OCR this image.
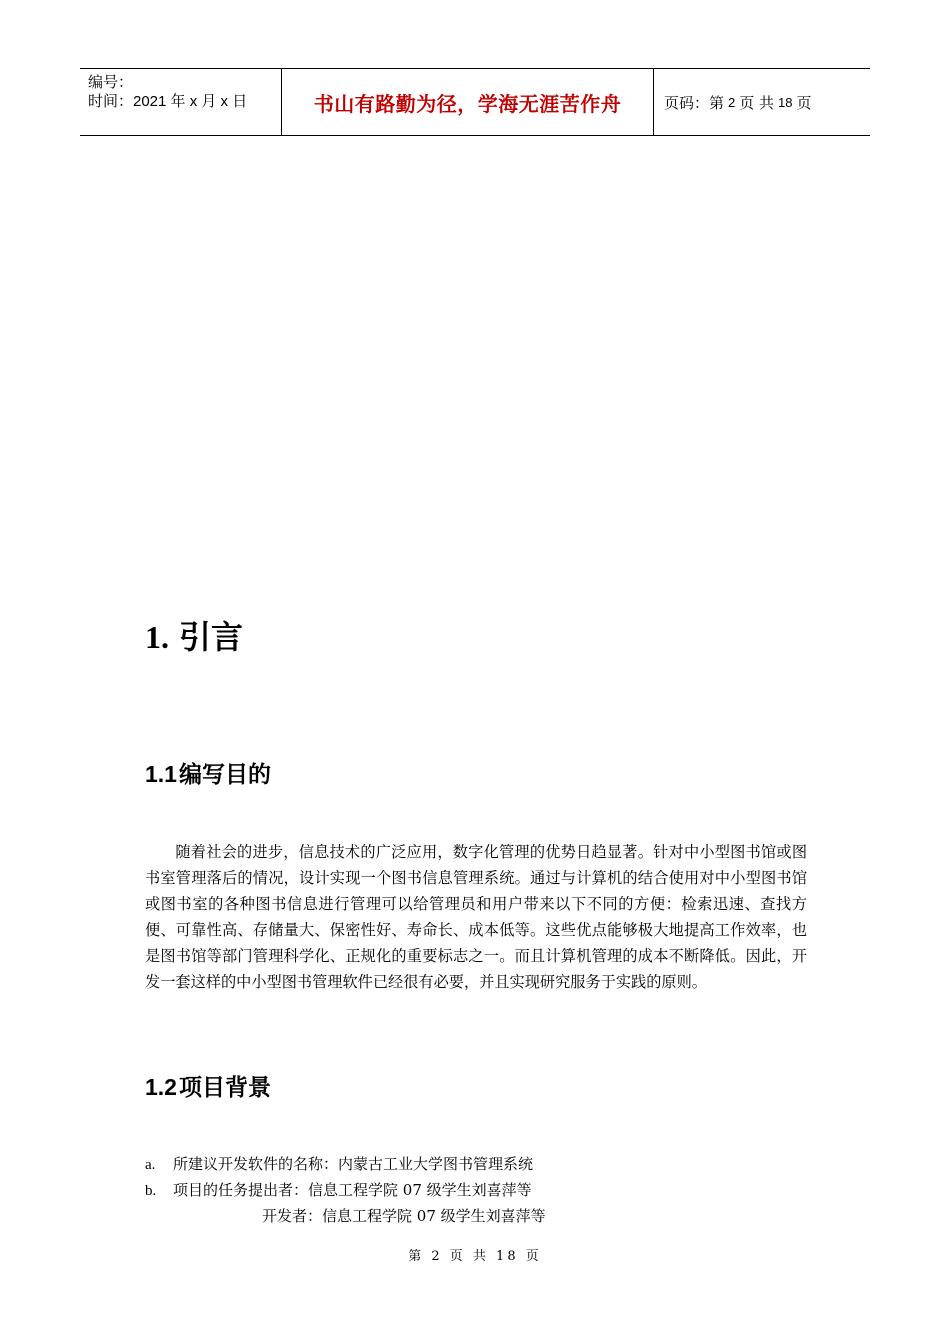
编号：
时间：2021 年 x 月 x 日	书山有路勤为径，学海无涯苦作舟	页码：第 2 页 共 18 页
1. 引言
1.1编写目的
随着社会的进步，信息技术的广泛应用，数字化管理的优势日趋显著。针对中小型图书馆或图书室管理落后的情况，设计实现一个图书信息管理系统。通过与计算机的结合使用对中小型图书馆或图书室的各种图书信息进行管理可以给管理员和用户带来以下不同的方便：检索迅速、查找方便、可靠性高、存储量大、保密性好、寿命长、成本低等。这些优点能够极大地提高工作效率，也是图书馆等部门管理科学化、正规化的重要标志之一。而且计算机管理的成本不断降低。因此，开发一套这样的中小型图书管理软件已经很有必要，并且实现研究服务于实践的原则。
1.2项目背景
a. 所建议开发软件的名称：内蒙古工业大学图书管理系统
b. 项目的任务提出者：信息工程学院 07 级学生刘喜萍等
开发者：信息工程学院 07 级学生刘喜萍等
第 2 页 共 18 页
